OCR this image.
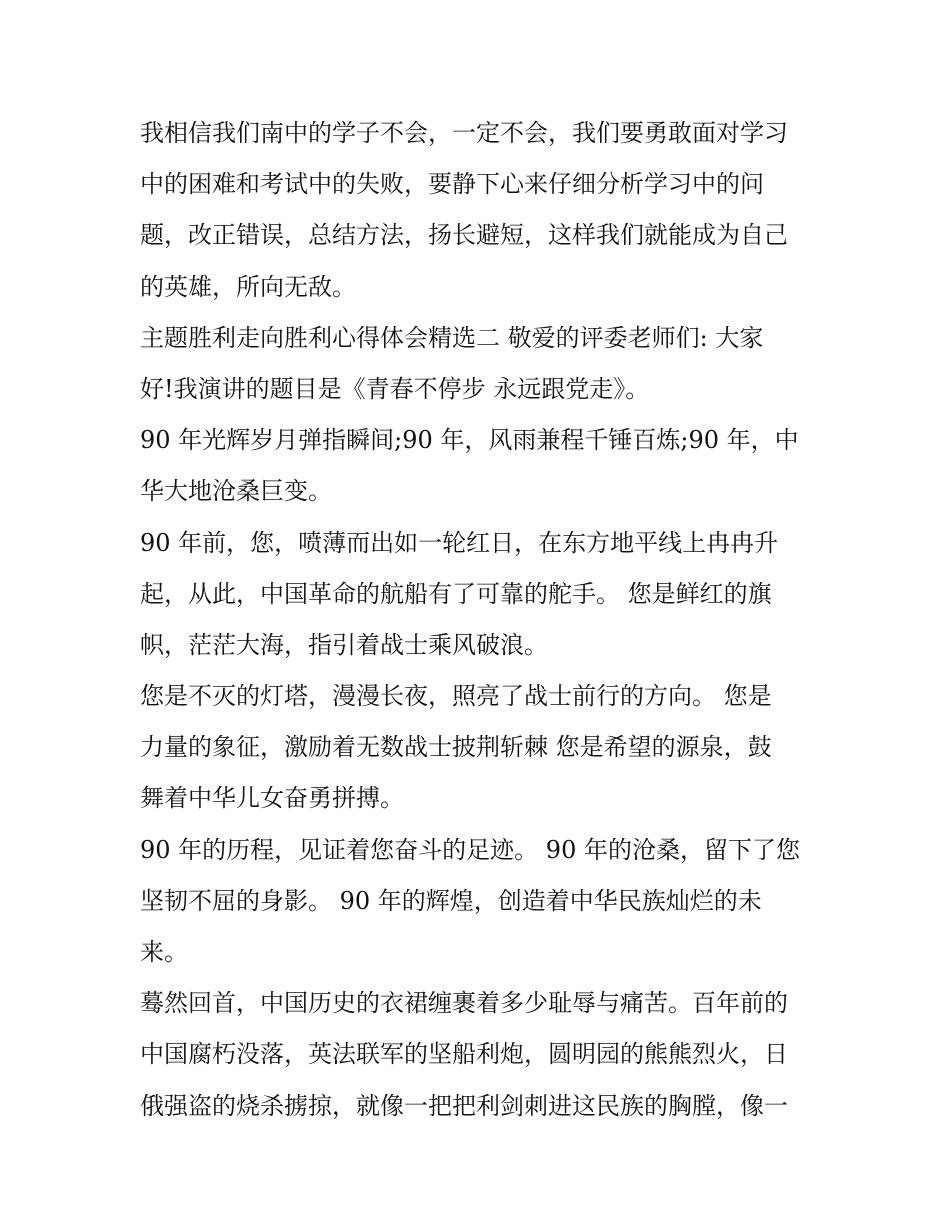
我相信我们南中的学子不会，一定不会，我们要勇敢面对学习
中的困难和考试中的失败，要静下心来仔细分析学习中的问
题，改正错误，总结方法，扬长避短，这样我们就能成为自己
的英雄，所向无敌。
主题胜利走向胜利心得体会精选二 敬爱的评委老师们: 大家
好!我演讲的题目是《青春不停步 永远跟党走》。
90 年光辉岁月弹指瞬间;90 年，风雨兼程千锤百炼;90 年，中
华大地沧桑巨变。
90 年前，您，喷薄而出如一轮红日，在东方地平线上冉冉升
起，从此，中国革命的航船有了可靠的舵手。 您是鲜红的旗
帜，茫茫大海，指引着战士乘风破浪。
您是不灭的灯塔，漫漫长夜，照亮了战士前行的方向。 您是
力量的象征，激励着无数战士披荆斩棘 您是希望的源泉，鼓
舞着中华儿女奋勇拼搏。
90 年的历程，见证着您奋斗的足迹。 90 年的沧桑，留下了您
坚韧不屈的身影。 90 年的辉煌，创造着中华民族灿烂的未
来。
蓦然回首，中国历史的衣裙缠裹着多少耻辱与痛苦。百年前的
中国腐朽没落，英法联军的坚船利炮，圆明园的熊熊烈火，日
俄强盗的烧杀掳掠，就像一把把利剑刺进这民族的胸膛，像一
